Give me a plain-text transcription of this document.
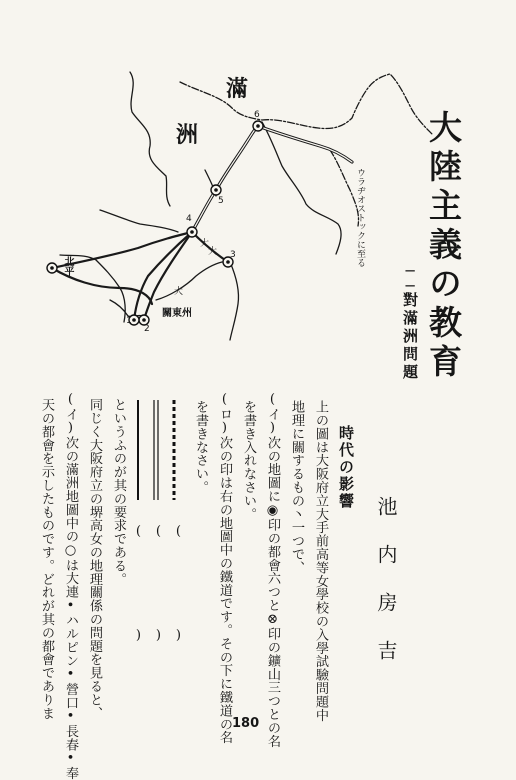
滿
洲
6
5
4
3
2
1
大
大
大
關東州
ウラヂオストックに至る
北平	大陸主義の教育
──對滿洲問題
池内房吉
時代の影響
上の圖は大阪府立大手前高等女學校の入學試驗問題中
地理に關するもの丶一つで、
(イ)次の地圖に◉印の都會六つと⊗印の鑛山三つとの名
を書き入れなさい。
(ロ)次の印は右の地圖中の鐵道です。その下に鐵道の名
を書きなさい。
(
(
(
)
)
)
というふのが其の要求である。
同じく大阪府立の堺高女の地理關係の問題を見ると、
(イ)次の滿洲地圖中の○は大連•ハルピン•營口•長春•奉
天の都會を示したものです。どれが其の都會でありま
180
